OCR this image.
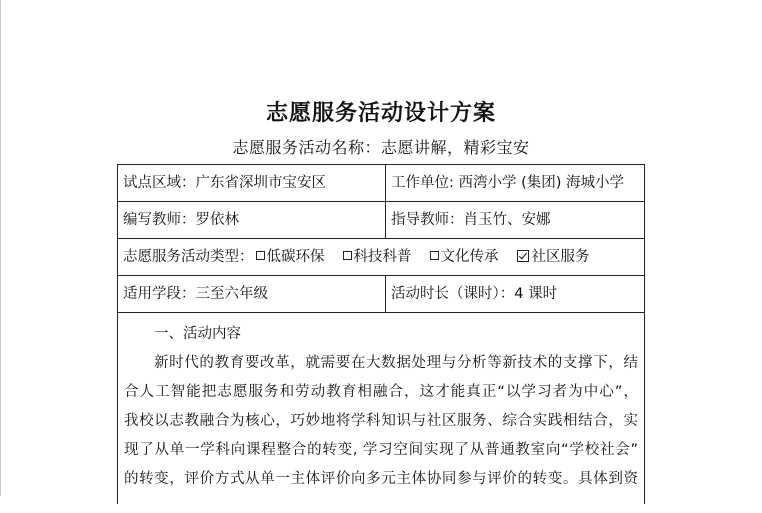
志愿服务活动设计方案
志愿服务活动名称：志愿讲解，精彩宝安
试点区域：广东省深圳市宝安区	工作单位: 西湾小学 (集团) 海城小学
编写教师：罗依林	指导教师：肖玉竹、安娜
志愿服务活动类型： 低碳环保 科技科普 文化传承 社区服务
适用学段：三至六年级	活动时长（课时）：4 课时
一、活动内容
新时代的教育要改革，就需要在大数据处理与分析等新技术的支撑下，结
合人工智能把志愿服务和劳动教育相融合，这才能真正“以学习者为中心”，
我校以志教融合为核心，巧妙地将学科知识与社区服务、综合实践相结合，实
现了从单一学科向课程整合的转变, 学习空间实现了从普通教室向“学校社会”
的转变，评价方式从单一主体评价向多元主体协同参与评价的转变。具体到资
